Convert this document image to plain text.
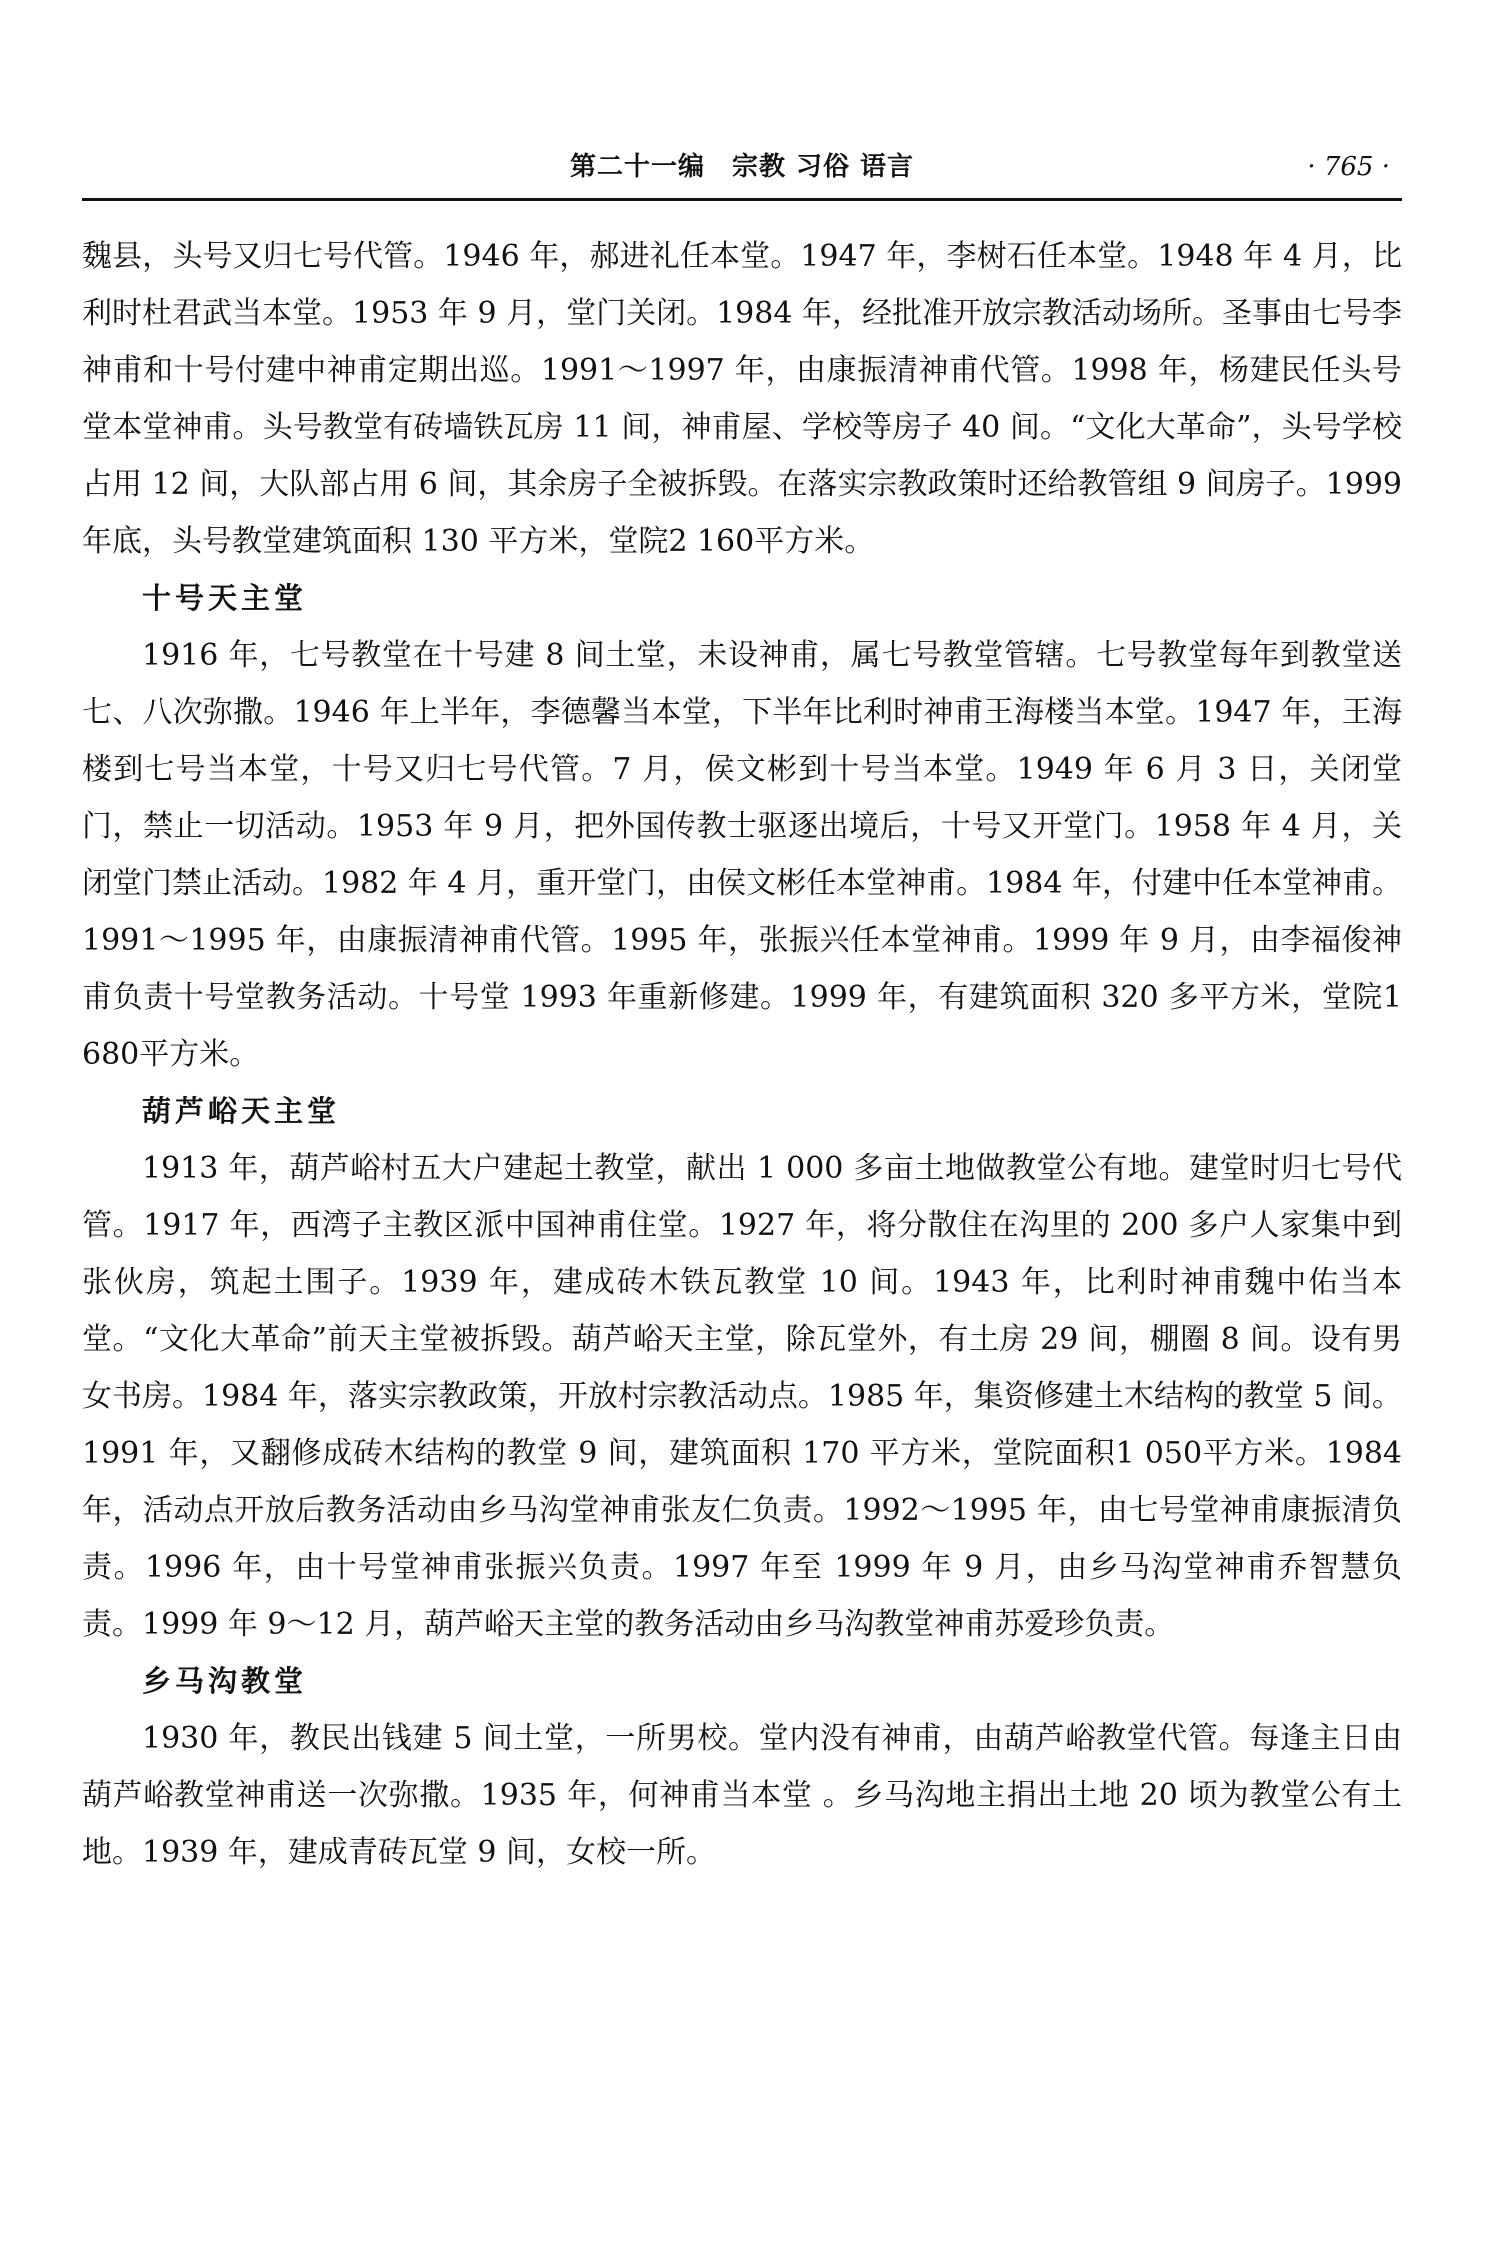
第二十一编　宗教 习俗 语言	· 765 ·

魏县，头号又归七号代管。1946 年，郝进礼任本堂。1947 年，李树石任本堂。1948 年 4 月，比利时杜君武当本堂。1953 年 9 月，堂门关闭。1984 年，经批准开放宗教活动场所。圣事由七号李神甫和十号付建中神甫定期出巡。1991～1997 年，由康振清神甫代管。1998 年，杨建民任头号堂本堂神甫。头号教堂有砖墙铁瓦房 11 间，神甫屋、学校等房子 40 间。“文化大革命”，头号学校占用 12 间，大队部占用 6 间，其余房子全被拆毁。在落实宗教政策时还给教管组 9 间房子。1999 年底，头号教堂建筑面积 130 平方米，堂院2 160平方米。

十号天主堂

1916 年，七号教堂在十号建 8 间土堂，未设神甫，属七号教堂管辖。七号教堂每年到教堂送七、八次弥撒。1946 年上半年，李德馨当本堂，下半年比利时神甫王海楼当本堂。1947 年，王海楼到七号当本堂，十号又归七号代管。7 月，侯文彬到十号当本堂。1949 年 6 月 3 日，关闭堂门，禁止一切活动。1953 年 9 月，把外国传教士驱逐出境后，十号又开堂门。1958 年 4 月，关闭堂门禁止活动。1982 年 4 月，重开堂门，由侯文彬任本堂神甫。1984 年，付建中任本堂神甫。1991～1995 年，由康振清神甫代管。1995 年，张振兴任本堂神甫。1999 年 9 月，由李福俊神甫负责十号堂教务活动。十号堂 1993 年重新修建。1999 年，有建筑面积 320 多平方米，堂院1 680平方米。

葫芦峪天主堂

1913 年，葫芦峪村五大户建起土教堂，献出 1 000 多亩土地做教堂公有地。建堂时归七号代管。1917 年，西湾子主教区派中国神甫住堂。1927 年，将分散住在沟里的 200 多户人家集中到张伙房，筑起土围子。1939 年，建成砖木铁瓦教堂 10 间。1943 年，比利时神甫魏中佑当本堂。“文化大革命”前天主堂被拆毁。葫芦峪天主堂，除瓦堂外，有土房 29 间，棚圈 8 间。设有男女书房。1984 年，落实宗教政策，开放村宗教活动点。1985 年，集资修建土木结构的教堂 5 间。1991 年，又翻修成砖木结构的教堂 9 间，建筑面积 170 平方米，堂院面积1 050平方米。1984 年，活动点开放后教务活动由乡马沟堂神甫张友仁负责。1992～1995 年，由七号堂神甫康振清负责。1996 年，由十号堂神甫张振兴负责。1997 年至 1999 年 9 月，由乡马沟堂神甫乔智慧负责。1999 年 9～12 月，葫芦峪天主堂的教务活动由乡马沟教堂神甫苏爱珍负责。

乡马沟教堂

1930 年，教民出钱建 5 间土堂，一所男校。堂内没有神甫，由葫芦峪教堂代管。每逢主日由葫芦峪教堂神甫送一次弥撒。1935 年，何神甫当本堂 。乡马沟地主捐出土地 20 顷为教堂公有土地。1939 年，建成青砖瓦堂 9 间，女校一所。
